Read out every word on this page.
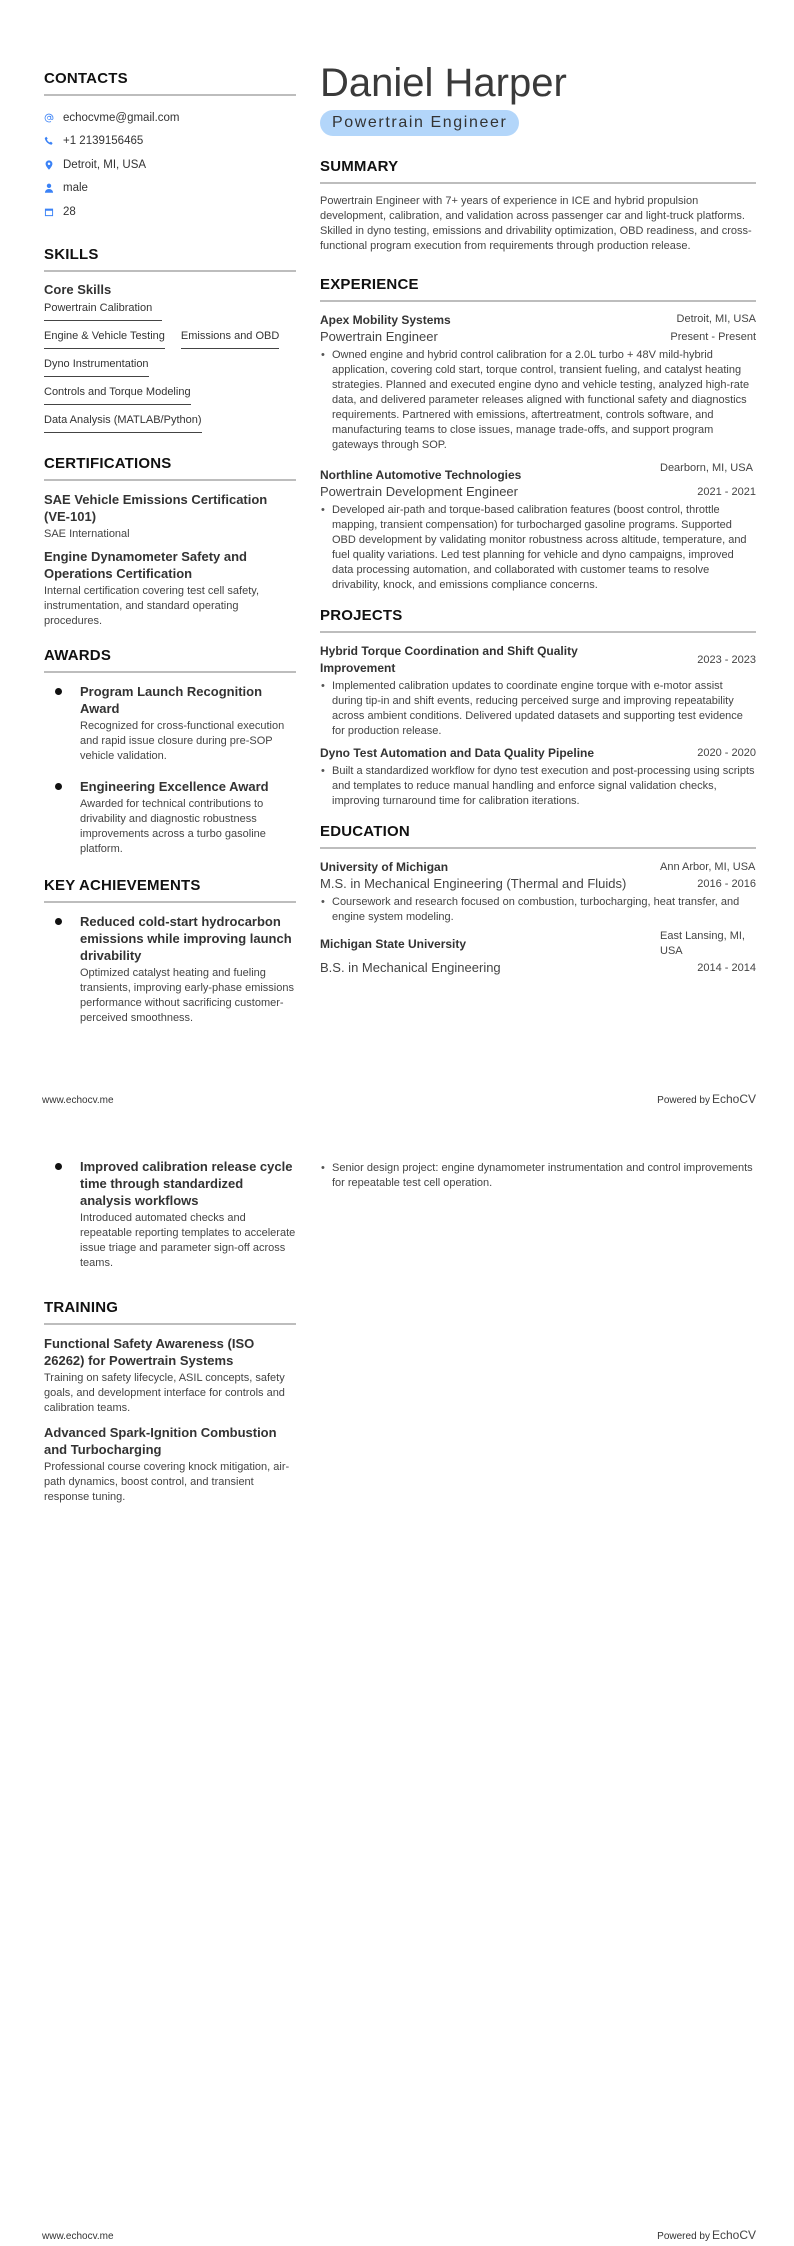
CONTACTS
echocvme@gmail.com
+1 2139156465
Detroit, MI, USA
male
28
SKILLS
Core Skills
Powertrain Calibration
Engine & Vehicle Testing Emissions and OBD
Dyno Instrumentation
Controls and Torque Modeling
Data Analysis (MATLAB/Python)
CERTIFICATIONS
SAE Vehicle Emissions Certification (VE-101)
SAE International
Engine Dynamometer Safety and Operations Certification
Internal certification covering test cell safety, instrumentation, and standard operating procedures.
AWARDS
Program Launch Recognition Award
Recognized for cross-functional execution and rapid issue closure during pre-SOP vehicle validation.
Engineering Excellence Award
Awarded for technical contributions to drivability and diagnostic robustness improvements across a turbo gasoline platform.
KEY ACHIEVEMENTS
Reduced cold-start hydrocarbon emissions while improving launch drivability
Optimized catalyst heating and fueling transients, improving early-phase emissions performance without sacrificing customer-perceived smoothness.
Daniel Harper
Powertrain Engineer
SUMMARY

Powertrain Engineer with 7+ years of experience in ICE and hybrid propulsion development, calibration, and validation across passenger car and light-truck platforms.

Skilled in dyno testing, emissions and drivability optimization, OBD readiness, and cross-functional program execution from requirements through production release.

EXPERIENCE
Apex Mobility Systems	Detroit, MI, USA
Powertrain Engineer	Present - Present
• Owned engine and hybrid control calibration for a 2.0L turbo + 48V mild-hybrid application, covering cold start, torque control, transient fueling, and catalyst heating strategies. Planned and executed engine dyno and vehicle testing, analyzed high-rate data, and delivered parameter releases aligned with functional safety and diagnostics requirements. Partnered with emissions, aftertreatment, controls software, and manufacturing teams to close issues, manage trade-offs, and support program gateways through SOP.
Northline Automotive Technologies	Dearborn, MI, USA
Powertrain Development Engineer	2021 - 2021
• Developed air-path and torque-based calibration features (boost control, throttle mapping, transient compensation) for turbocharged gasoline programs. Supported OBD development by validating monitor robustness across altitude, temperature, and fuel quality variations. Led test planning for vehicle and dyno campaigns, improved data processing automation, and collaborated with customer teams to resolve drivability, knock, and emissions compliance concerns.
PROJECTS
Hybrid Torque Coordination and Shift Quality Improvement
2023 - 2023
• Implemented calibration updates to coordinate engine torque with e-motor assist during tip-in and shift events, reducing perceived surge and improving repeatability across ambient conditions. Delivered updated datasets and supporting test evidence for production release.
Dyno Test Automation and Data Quality Pipeline	2020 - 2020
• Built a standardized workflow for dyno test execution and post-processing using scripts and templates to reduce manual handling and enforce signal validation checks, improving turnaround time for calibration iterations.
EDUCATION
University of Michigan	Ann Arbor, MI, USA
M.S. in Mechanical Engineering (Thermal and Fluids)	2016 - 2016
• Coursework and research focused on combustion, turbocharging, heat transfer, and engine system modeling.
Michigan State University
East Lansing, MI, USA
B.S. in Mechanical Engineering	2014 - 2014
www.echocv.me	Powered by EchoCV
Improved calibration release cycle time through standardized analysis workflows
Introduced automated checks and repeatable reporting templates to accelerate issue triage and parameter sign-off across teams.
TRAINING
Functional Safety Awareness (ISO 26262) for Powertrain Systems
Training on safety lifecycle, ASIL concepts, safety goals, and development interface for controls and calibration teams.
Advanced Spark-Ignition Combustion and Turbocharging
Professional course covering knock mitigation, air-path dynamics, boost control, and transient response tuning.
• Senior design project: engine dynamometer instrumentation and control improvements for repeatable test cell operation.
www.echocv.me	Powered by EchoCV
